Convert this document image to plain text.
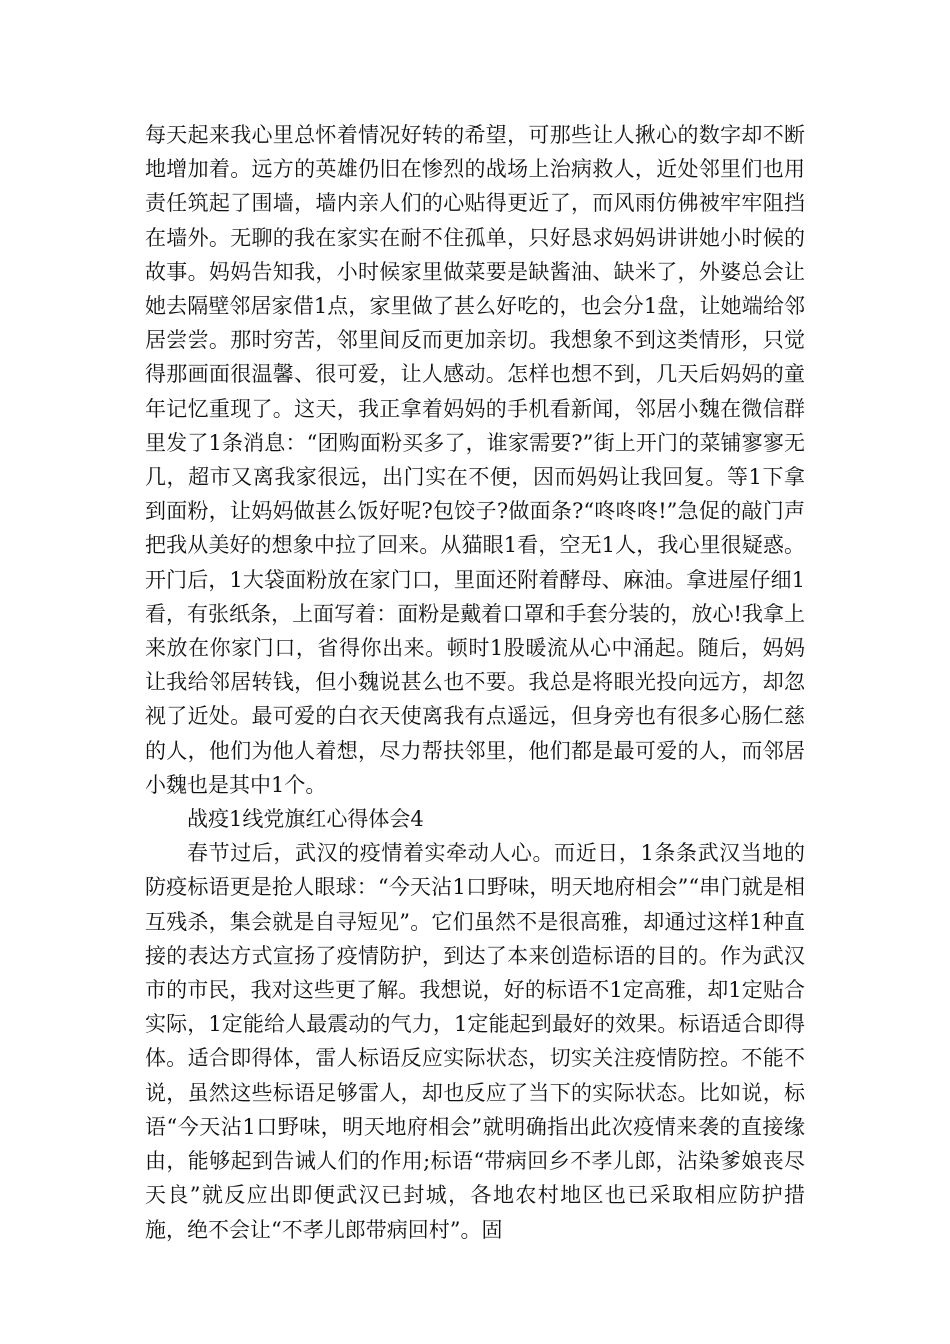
每天起来我心里总怀着情况好转的希望，可那些让人揪心的数字却不断地增加着。远方的英雄仍旧在惨烈的战场上治病救人，近处邻里们也用责任筑起了围墙，墙内亲人们的心贴得更近了，而风雨仿佛被牢牢阻挡在墙外。无聊的我在家实在耐不住孤单，只好恳求妈妈讲讲她小时候的故事。妈妈告知我，小时候家里做菜要是缺酱油、缺米了，外婆总会让她去隔壁邻居家借1点，家里做了甚么好吃的，也会分1盘，让她端给邻居尝尝。那时穷苦，邻里间反而更加亲切。我想象不到这类情形，只觉得那画面很温馨、很可爱，让人感动。怎样也想不到，几天后妈妈的童年记忆重现了。这天，我正拿着妈妈的手机看新闻，邻居小魏在微信群里发了1条消息：“团购面粉买多了，谁家需要?”街上开门的菜铺寥寥无几，超市又离我家很远，出门实在不便，因而妈妈让我回复。等1下拿到面粉，让妈妈做甚么饭好呢?包饺子?做面条?“咚咚咚!”急促的敲门声把我从美好的想象中拉了回来。从猫眼1看，空无1人，我心里很疑惑。开门后，1大袋面粉放在家门口，里面还附着酵母、麻油。拿进屋仔细1看，有张纸条，上面写着：面粉是戴着口罩和手套分装的，放心!我拿上来放在你家门口，省得你出来。顿时1股暖流从心中涌起。随后，妈妈让我给邻居转钱，但小魏说甚么也不要。我总是将眼光投向远方，却忽视了近处。最可爱的白衣天使离我有点遥远，但身旁也有很多心肠仁慈的人，他们为他人着想，尽力帮扶邻里，他们都是最可爱的人，而邻居小魏也是其中1个。

战疫1线党旗红心得体会4

春节过后，武汉的疫情着实牵动人心。而近日，1条条武汉当地的防疫标语更是抢人眼球：“今天沾1口野味，明天地府相会”“串门就是相互残杀，集会就是自寻短见”。它们虽然不是很高雅，却通过这样1种直接的表达方式宣扬了疫情防护，到达了本来创造标语的目的。作为武汉市的市民，我对这些更了解。我想说，好的标语不1定高雅，却1定贴合实际，1定能给人最震动的气力，1定能起到最好的效果。标语适合即得体。适合即得体，雷人标语反应实际状态，切实关注疫情防控。不能不说，虽然这些标语足够雷人，却也反应了当下的实际状态。比如说，标语“今天沾1口野味，明天地府相会”就明确指出此次疫情来袭的直接缘由，能够起到告诫人们的作用;标语“带病回乡不孝儿郎，沾染爹娘丧尽天良”就反应出即便武汉已封城，各地农村地区也已采取相应防护措施，绝不会让“不孝儿郎带病回村”。固
